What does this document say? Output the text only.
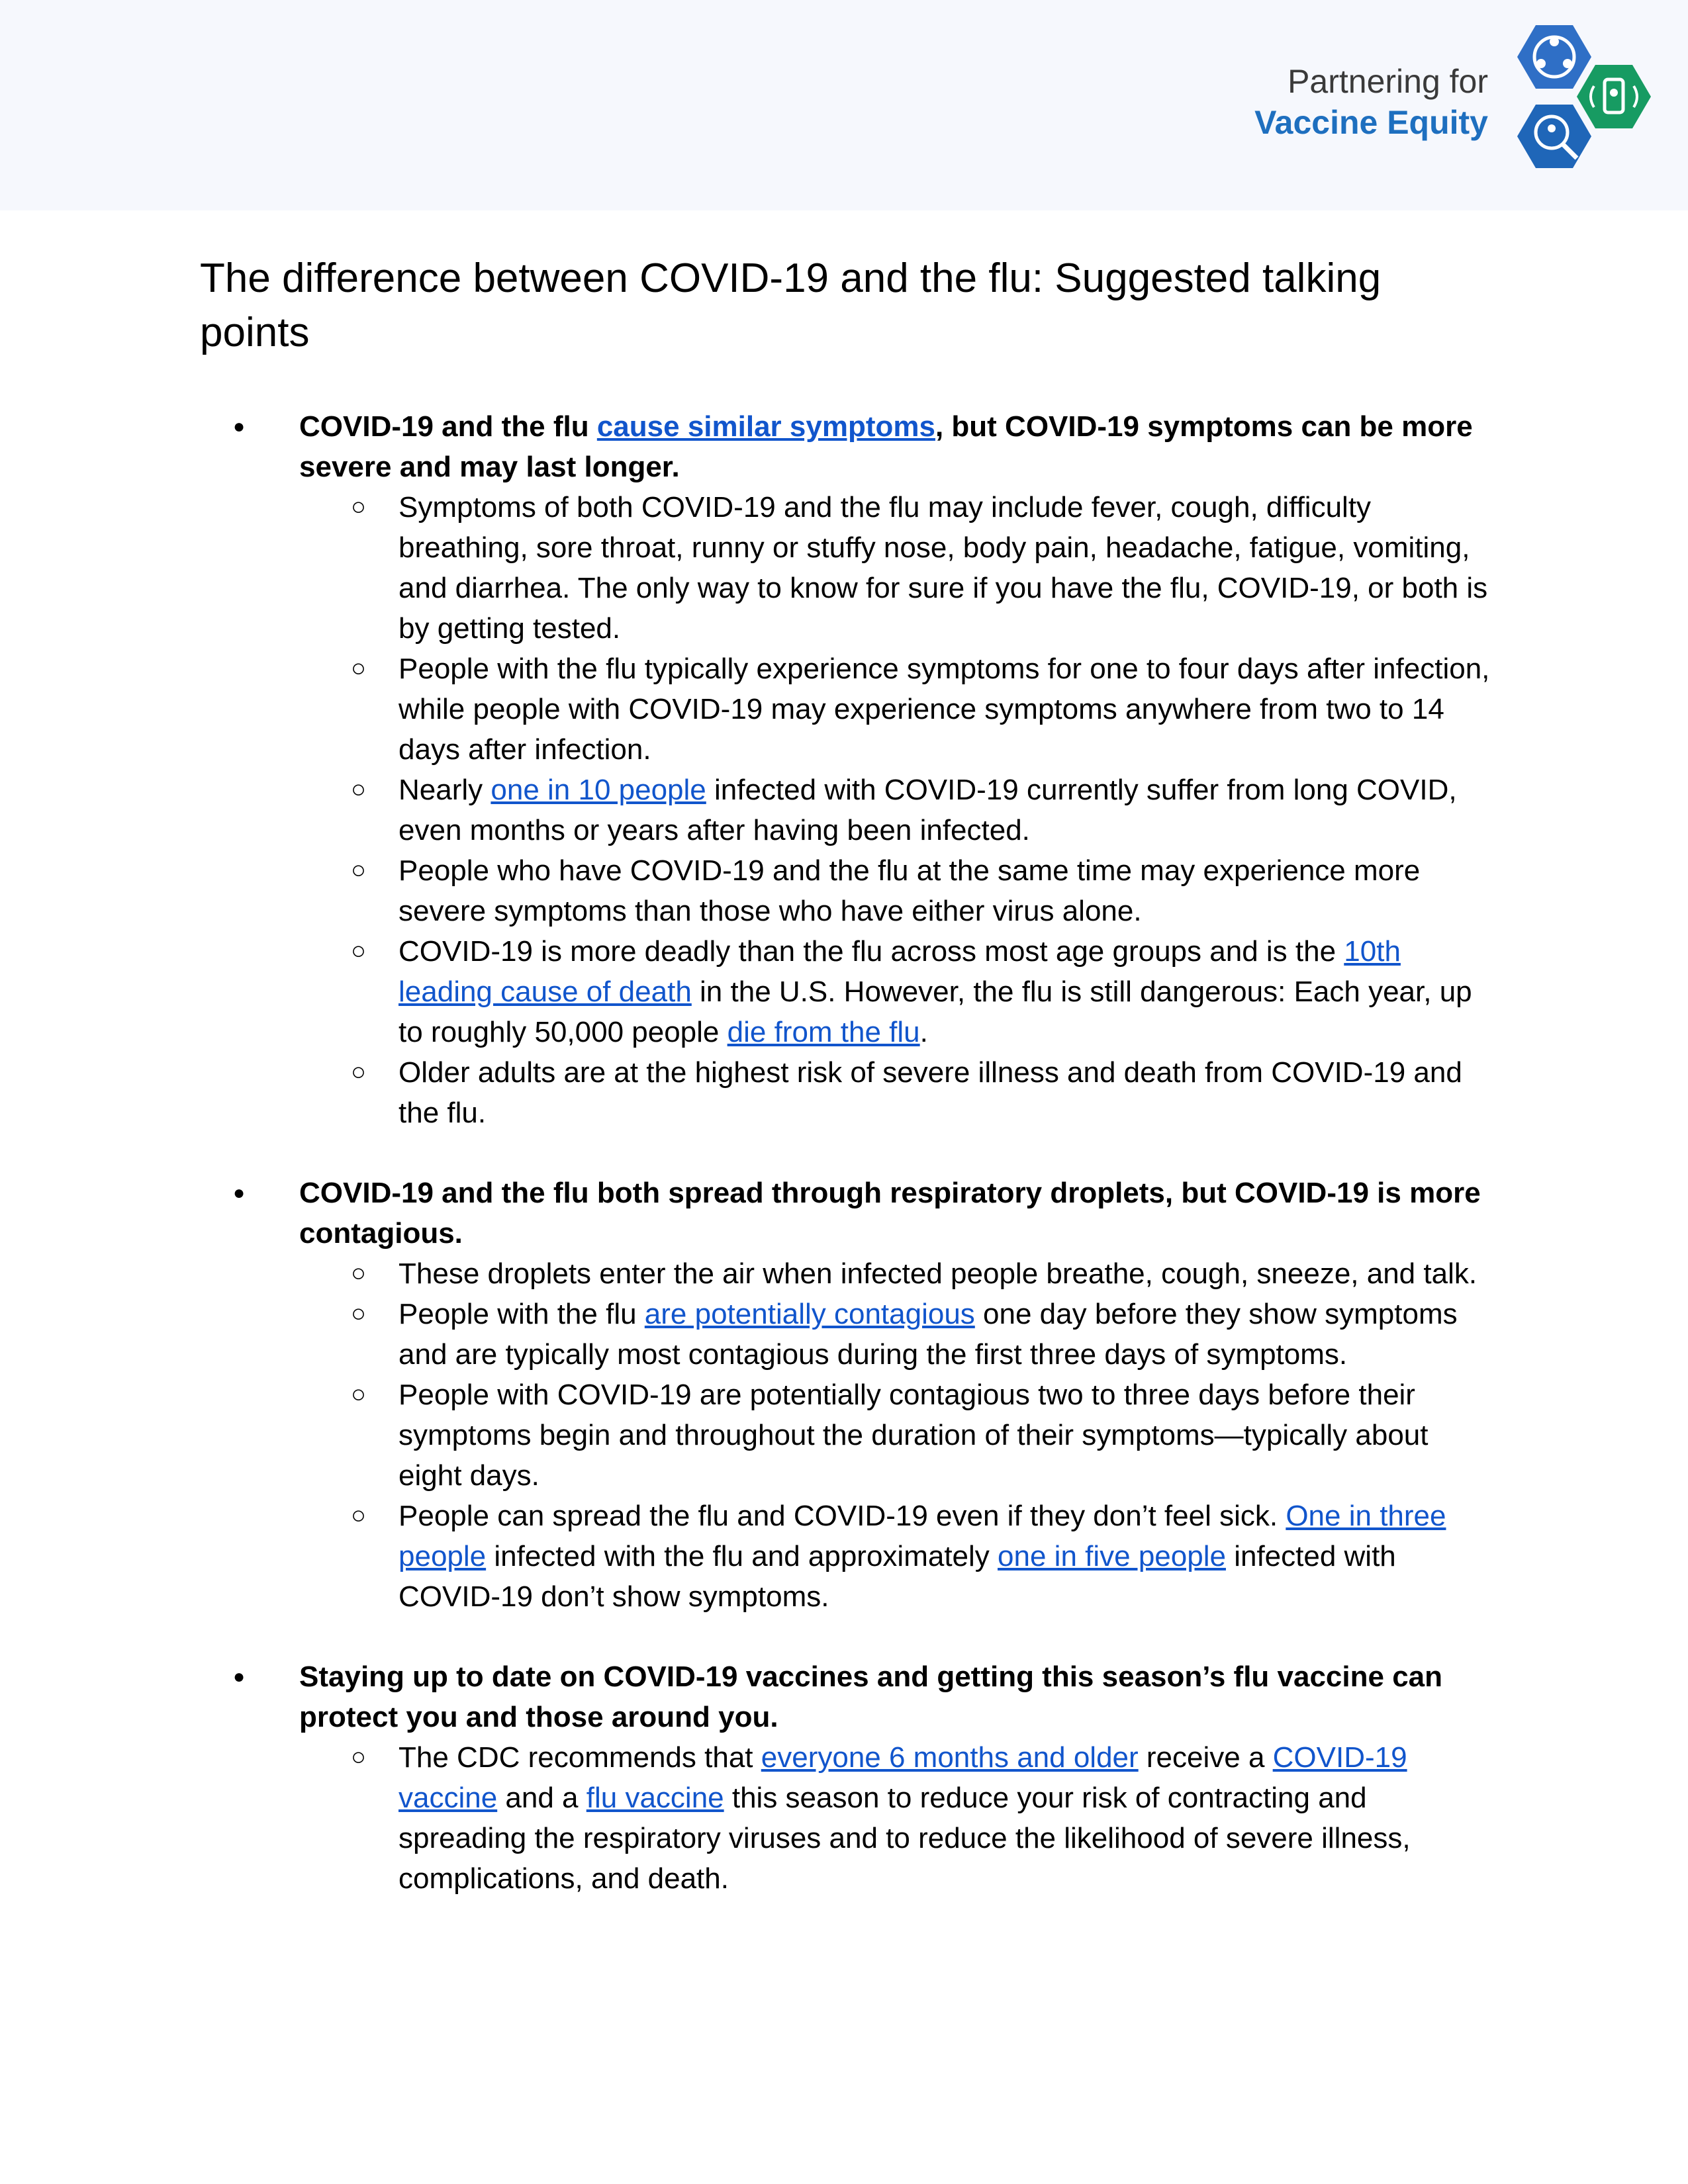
Partnering for
Vaccine Equity
The difference between COVID-19 and the flu: Suggested talking points
● COVID-19 and the flu cause similar symptoms, but COVID-19 symptoms can be more severe and may last longer.
○ Symptoms of both COVID-19 and the flu may include fever, cough, difficulty breathing, sore throat, runny or stuffy nose, body pain, headache, fatigue, vomiting, and diarrhea. The only way to know for sure if you have the flu, COVID-19, or both is by getting tested.
○ People with the flu typically experience symptoms for one to four days after infection, while people with COVID-19 may experience symptoms anywhere from two to 14 days after infection.
○ Nearly one in 10 people infected with COVID-19 currently suffer from long COVID, even months or years after having been infected.
○ People who have COVID-19 and the flu at the same time may experience more severe symptoms than those who have either virus alone.
○ COVID-19 is more deadly than the flu across most age groups and is the 10th leading cause of death in the U.S. However, the flu is still dangerous: Each year, up to roughly 50,000 people die from the flu.
○ Older adults are at the highest risk of severe illness and death from COVID-19 and the flu.
● COVID-19 and the flu both spread through respiratory droplets, but COVID-19 is more contagious.
○ These droplets enter the air when infected people breathe, cough, sneeze, and talk.
○ People with the flu are potentially contagious one day before they show symptoms and are typically most contagious during the first three days of symptoms.
○ People with COVID-19 are potentially contagious two to three days before their symptoms begin and throughout the duration of their symptoms—typically about eight days.
○ People can spread the flu and COVID-19 even if they don’t feel sick. One in three people infected with the flu and approximately one in five people infected with COVID-19 don’t show symptoms.
● Staying up to date on COVID-19 vaccines and getting this season’s flu vaccine can protect you and those around you.
○ The CDC recommends that everyone 6 months and older receive a COVID-19 vaccine and a flu vaccine this season to reduce your risk of contracting and spreading the respiratory viruses and to reduce the likelihood of severe illness, complications, and death.
